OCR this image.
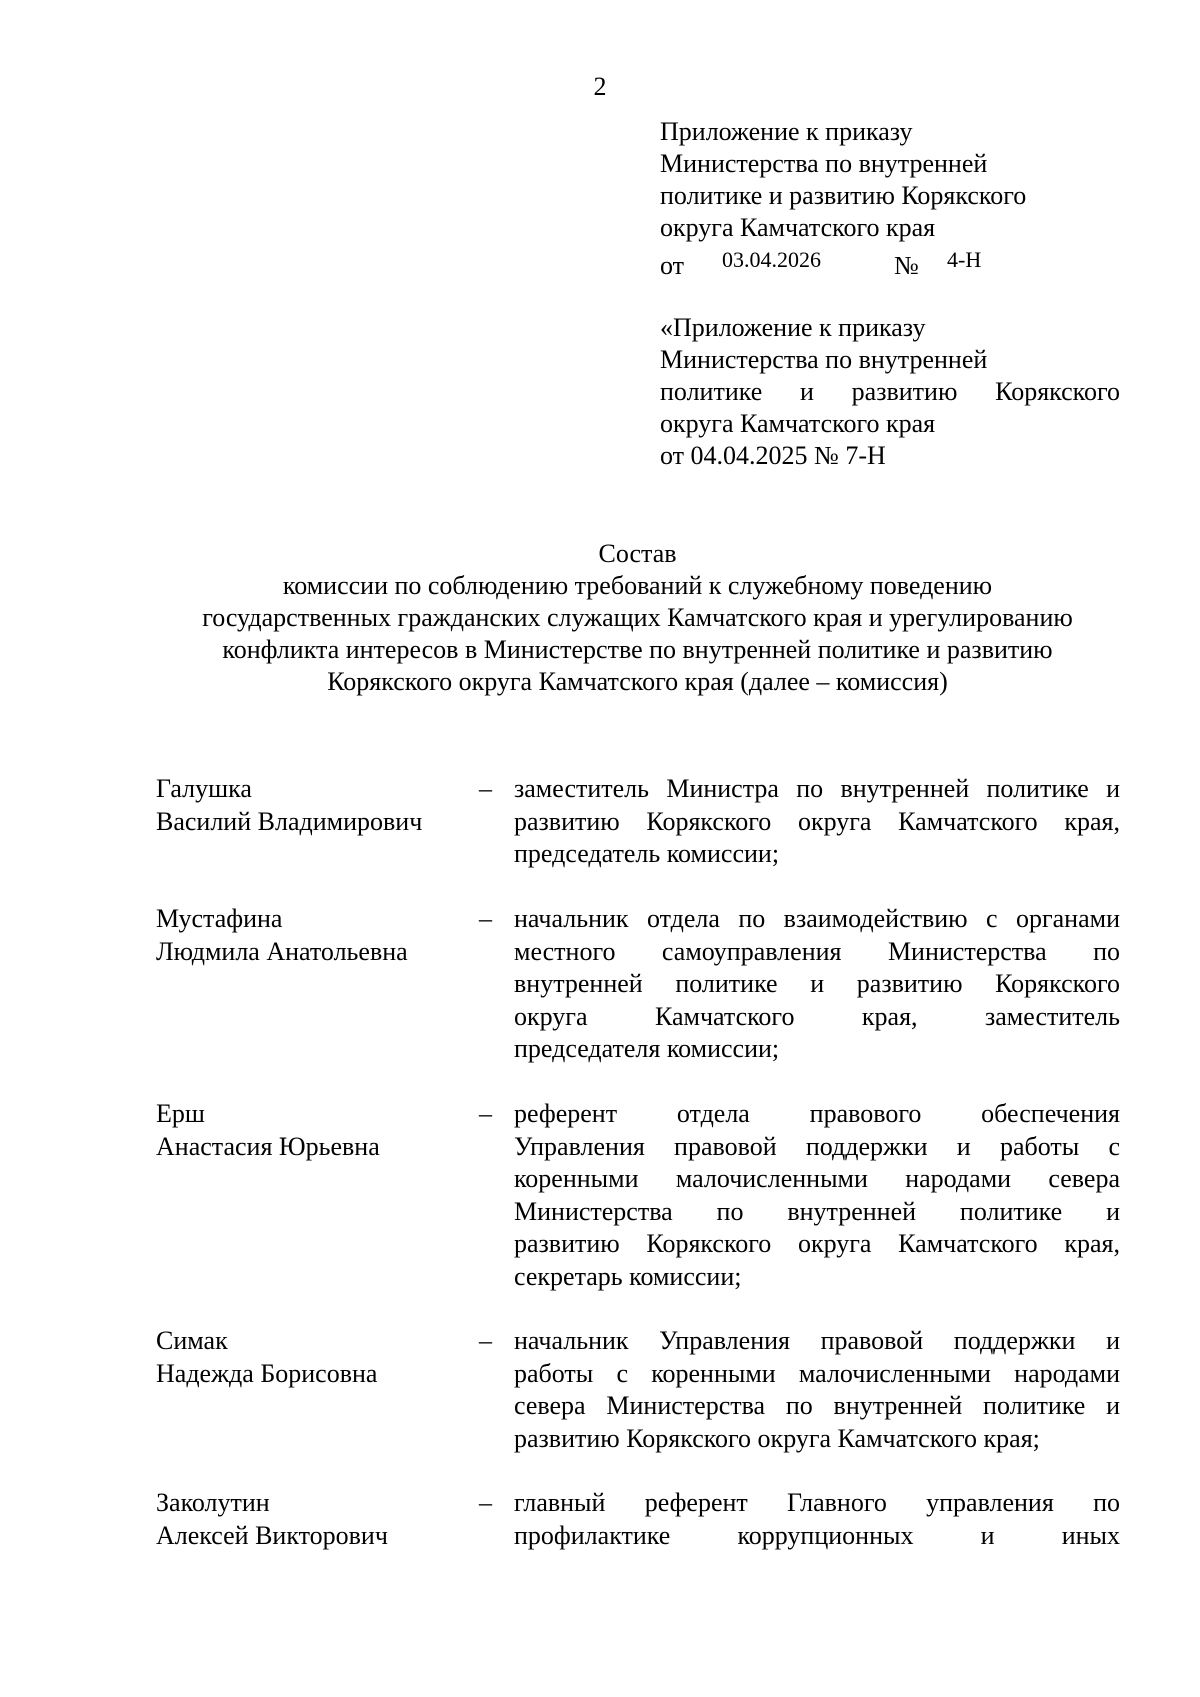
2
Приложение к приказу
Министерства по внутренней
политике и развитию Корякского
округа Камчатского края
от 03.04.2026	№ 4-Н
«Приложение к приказу
Министерства по внутренней
политике и развитию Корякского
округа Камчатского края
от 04.04.2025 № 7-Н
Состав
комиссии по соблюдению требований к служебному поведению
государственных гражданских служащих Камчатского края и урегулированию
конфликта интересов в Министерстве по внутренней политике и развитию
Корякского округа Камчатского края (далее – комиссия)
Галушка
Василий Владимирович
– заместитель Министра по внутренней политике и
развитию Корякского округа Камчатского края,
председатель комиссии;
Мустафина
Людмила Анатольевна
– начальник отдела по взаимодействию с органами
местного самоуправления Министерства по
внутренней политике и развитию Корякского
округа Камчатского края, заместитель
председателя комиссии;
Ерш
Анастасия Юрьевна
– референт отдела правового обеспечения
Управления правовой поддержки и работы с
коренными малочисленными народами севера
Министерства по внутренней политике и
развитию Корякского округа Камчатского края,
секретарь комиссии;
Симак
Надежда Борисовна
– начальник Управления правовой поддержки и
работы с коренными малочисленными народами
севера Министерства по внутренней политике и
развитию Корякского округа Камчатского края;
Заколутин
Алексей Викторович
– главный референт Главного управления по
профилактике коррупционных и иных
